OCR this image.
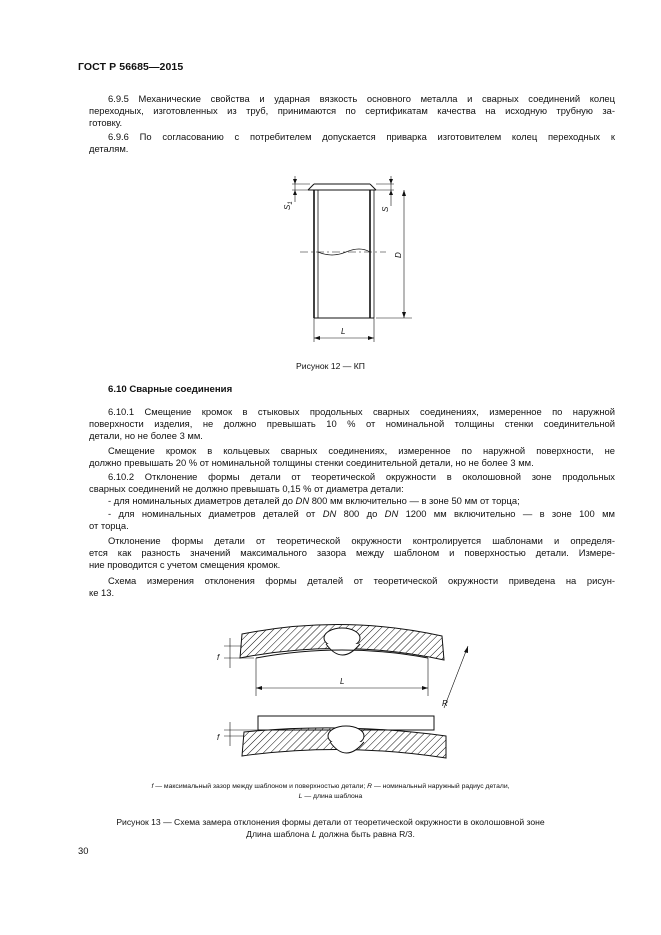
ГОСТ Р 56685—2015
6.9.5 Механические свойства и ударная вязкость основного металла и сварных соединений колец
переходных, изготовленных из труб, принимаются по сертификатам качества на исходную трубную за-
готовку.
6.9.6 По согласованию с потребителем допускается приварка изготовителем колец переходных к
деталям.
$S_1$
S
D
L
Рисунок 12 — КП
6.10 Сварные соединения
6.10.1 Смещение кромок в стыковых продольных сварных соединениях, измеренное по наружной
поверхности изделия, не должно превышать 10 % от номинальной толщины стенки соединительной
детали, но не более 3 мм.
Смещение кромок в кольцевых сварных соединениях, измеренное по наружной поверхности, не
должно превышать 20 % от номинальной толщины стенки соединительной детали, но не более 3 мм.
6.10.2 Отклонение формы детали от теоретической окружности в околошовной зоне продольных
сварных соединений не должно превышать 0,15 % от диаметра детали:
- для номинальных диаметров деталей до DN 800 мм включительно — в зоне 50 мм от торца;
- для номинальных диаметров деталей от DN 800 до DN 1200 мм включительно — в зоне 100 мм
от торца.
Отклонение формы детали от теоретической окружности контролируется шаблонами и определя-
ется как разность значений максимального зазора между шаблоном и поверхностью детали. Измере-
ние проводится с учетом смещения кромок.
Схема измерения отклонения формы деталей от теоретической окружности приведена на рисун-
ке 13.
f
L
R
f
f — максимальный зазор между шаблоном и поверхностью детали; R — номинальный наружный радиус детали,
L — длина шаблона
Рисунок 13 — Схема замера отклонения формы детали от теоретической окружности в околошовной зоне
Длина шаблона L должна быть равна R/3.
30
